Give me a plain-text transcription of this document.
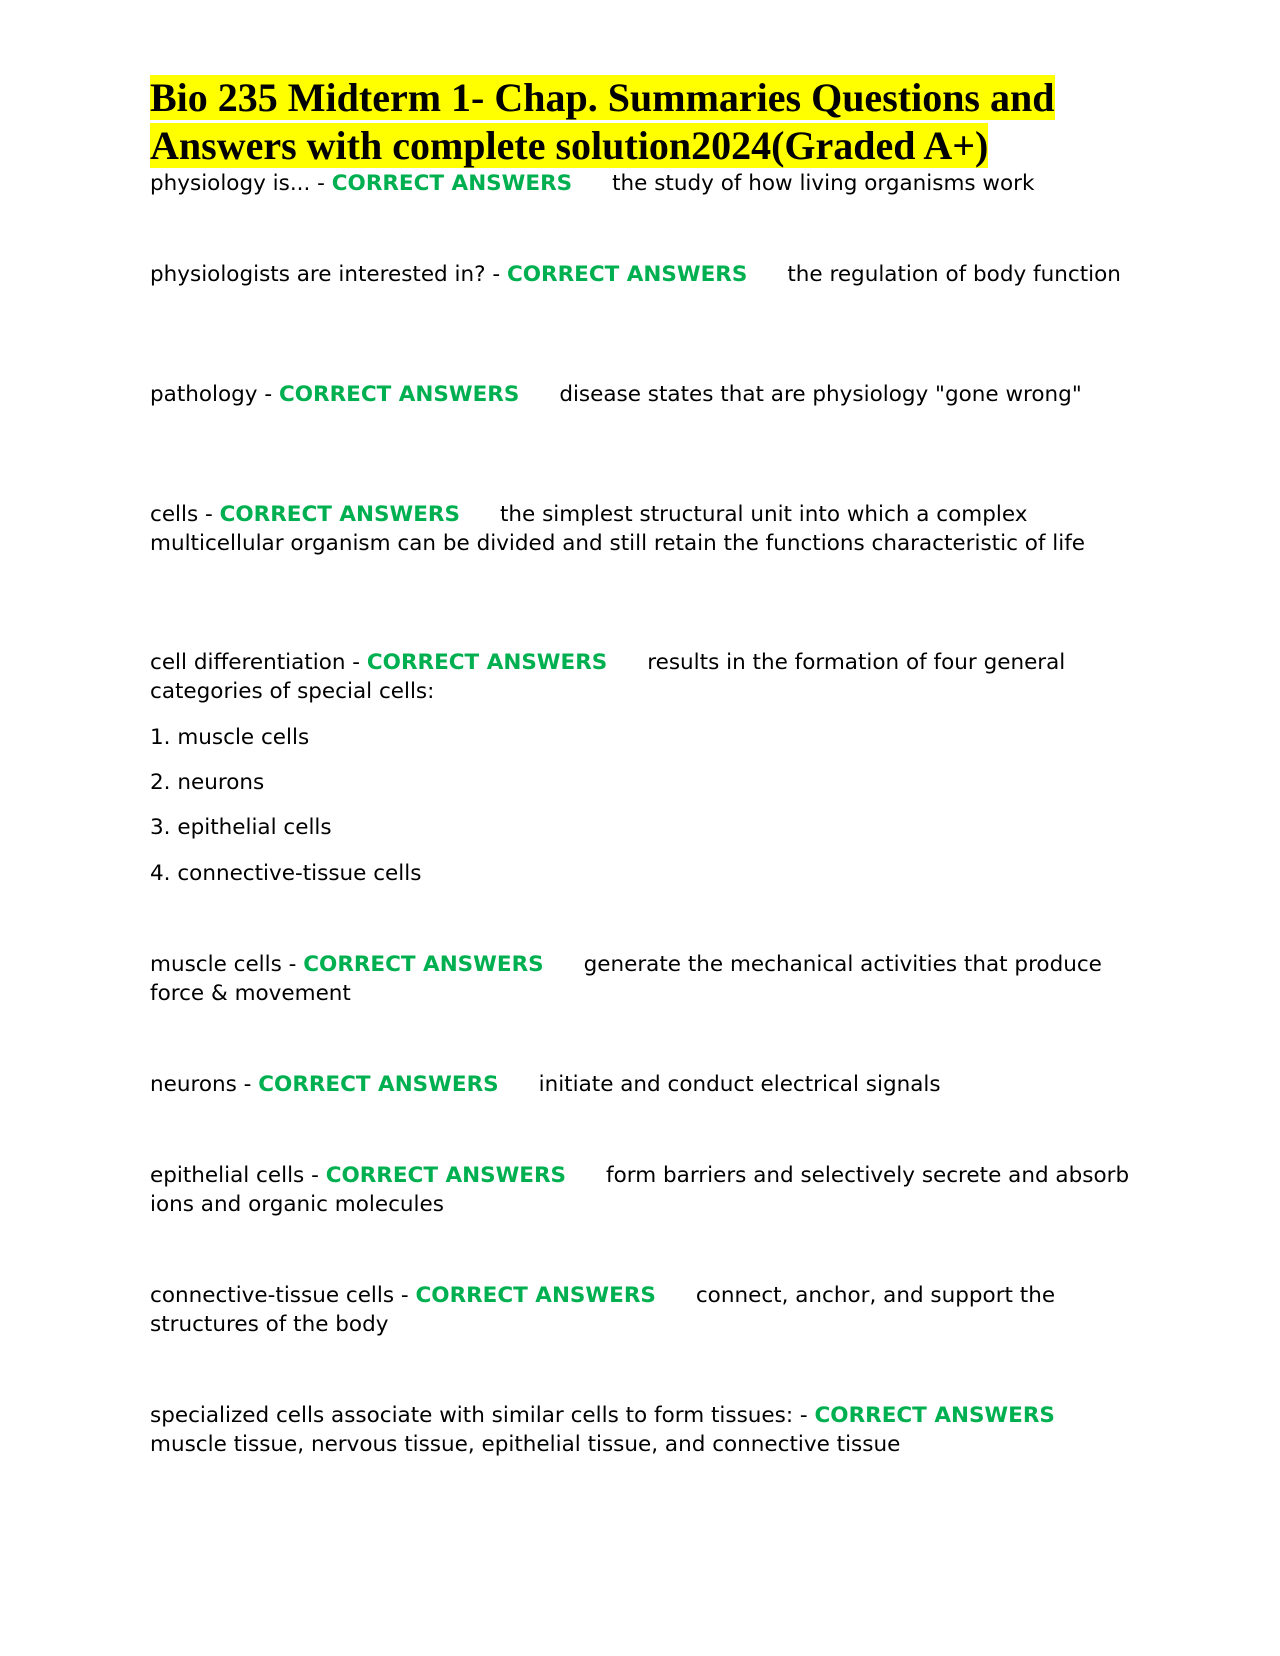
Bio 235 Midterm 1- Chap. Summaries Questions and
Answers with complete solution2024(Graded A+)

physiology is... - CORRECT ANSWERS the study of how living organisms work

physiologists are interested in? - CORRECT ANSWERS the regulation of body function

pathology - CORRECT ANSWERS disease states that are physiology "gone wrong"

cells - CORRECT ANSWERS the simplest structural unit into which a complex multicellular organism can be divided and still retain the functions characteristic of life

cell differentiation - CORRECT ANSWERS results in the formation of four general categories of special cells:

1. muscle cells

2. neurons

3. epithelial cells

4. connective-tissue cells

muscle cells - CORRECT ANSWERS generate the mechanical activities that produce force & movement

neurons - CORRECT ANSWERS initiate and conduct electrical signals

epithelial cells - CORRECT ANSWERS form barriers and selectively secrete and absorb ions and organic molecules

connective-tissue cells - CORRECT ANSWERS connect, anchor, and support the structures of the body

specialized cells associate with similar cells to form tissues: - CORRECT ANSWERS muscle tissue, nervous tissue, epithelial tissue, and connective tissue
